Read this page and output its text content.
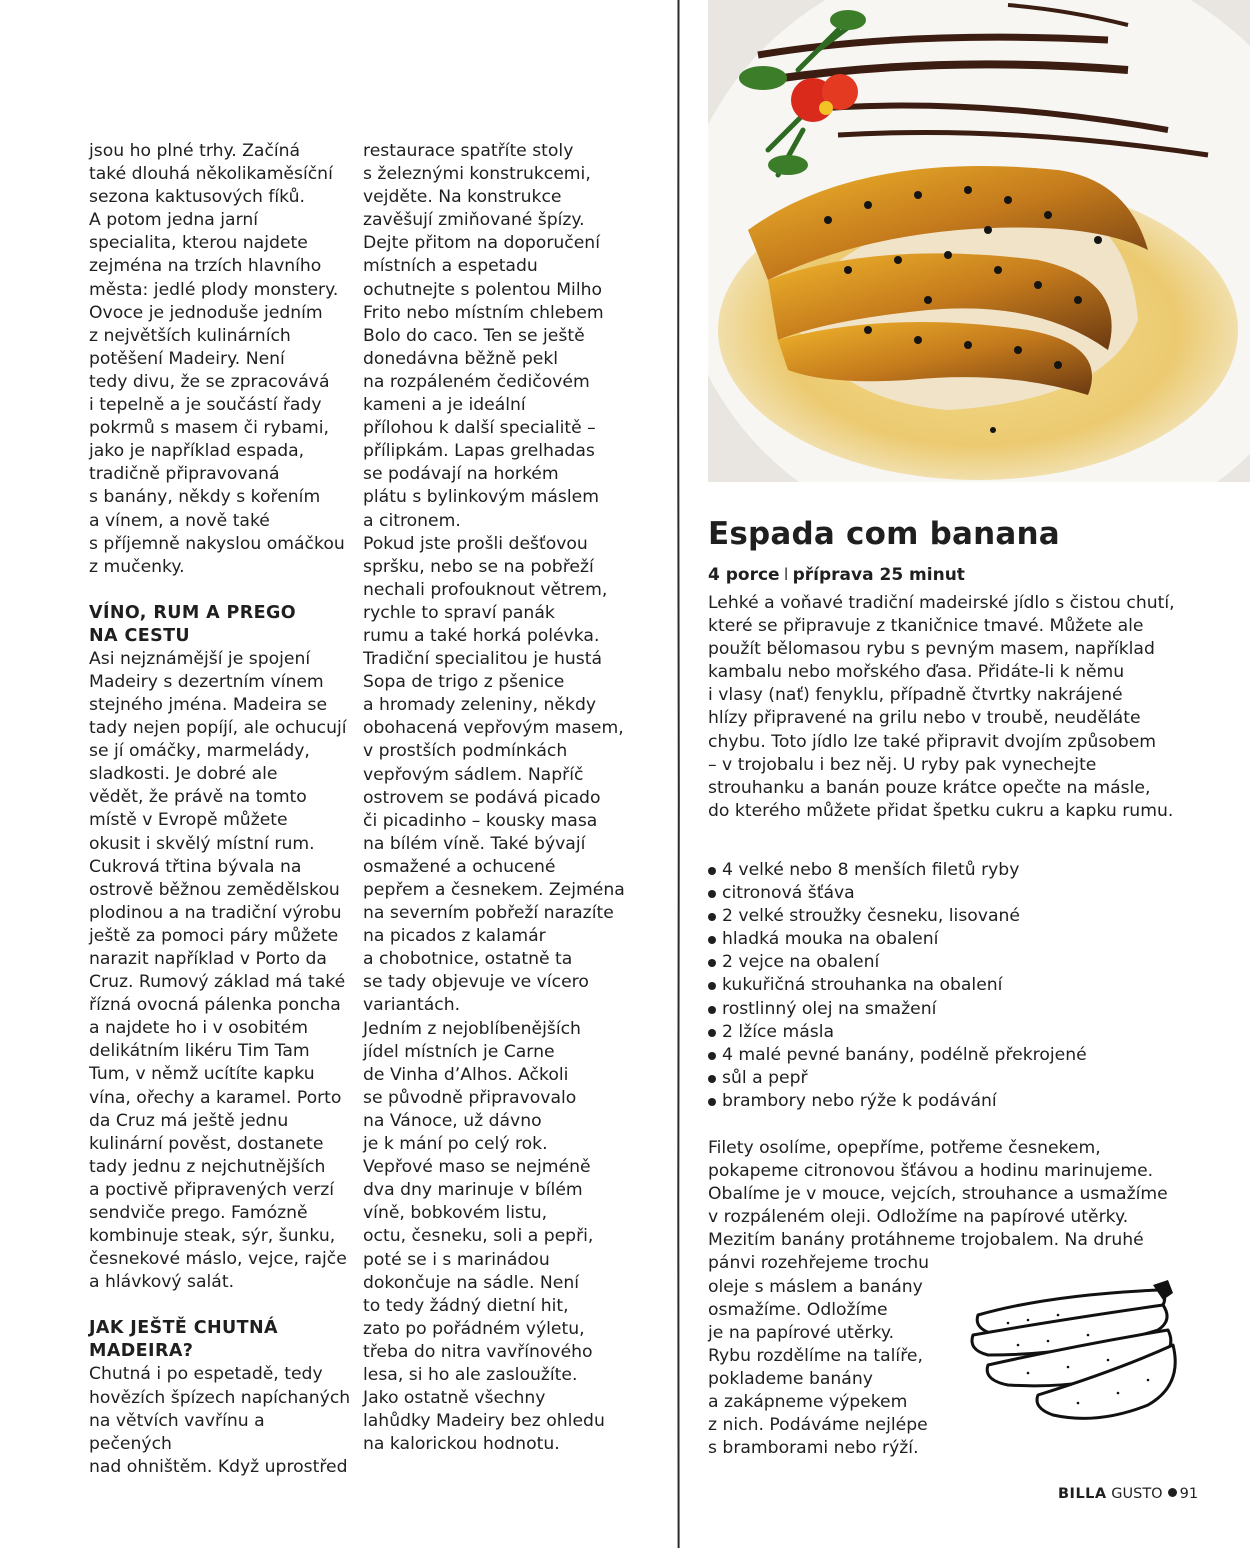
jsou ho plné trhy. Začíná
také dlouhá několikaměsíční
sezona kaktusových fíků.
A potom jedna jarní
specialita, kterou najdete
zejména na trzích hlavního
města: jedlé plody monstery.
Ovoce je jednoduše jedním
z největších kulinárních
potěšení Madeiry. Není
tedy divu, že se zpracovává
i tepelně a je součástí řady
pokrmů s masem či rybami,
jako je například espada,
tradičně připravovaná
s banány, někdy s kořením
a vínem, a nově také
s příjemně nakyslou omáčkou
z mučenky.

VÍNO, RUM A PREGO
NA CESTU

Asi nejznámější je spojení
Madeiry s dezertním vínem
stejného jména. Madeira se
tady nejen popíjí, ale ochucují
se jí omáčky, marmelády,
sladkosti. Je dobré ale
vědět, že právě na tomto
místě v Evropě můžete
okusit i skvělý místní rum.
Cukrová třtina bývala na
ostrově běžnou zemědělskou
plodinou a na tradiční výrobu
ještě za pomoci páry můžete
narazit například v Porto da
Cruz. Rumový základ má také
řízná ovocná pálenka poncha
a najdete ho i v osobitém
delikátním likéru Tim Tam
Tum, v němž ucítíte kapku
vína, ořechy a karamel. Porto
da Cruz má ještě jednu
kulinární pověst, dostanete
tady jednu z nejchutnějších
a poctivě připravených verzí
sendviče prego. Famózně
kombinuje steak, sýr, šunku,
česnekové máslo, vejce, rajče
a hlávkový salát.

JAK JEŠTĚ CHUTNÁ
MADEIRA?

Chutná i po espetadě, tedy
hovězích špízech napíchaných
na větvích vavřínu a pečených
nad ohništěm. Když uprostřed

restaurace spatříte stoly
s železnými konstrukcemi,
vejděte. Na konstrukce
zavěšují zmiňované špízy.
Dejte přitom na doporučení
místních a espetadu
ochutnejte s polentou Milho
Frito nebo místním chlebem
Bolo do caco. Ten se ještě
donedávna běžně pekl
na rozpáleném čedičovém
kameni a je ideální
přílohou k další specialitě –
přílipkám. Lapas grelhadas
se podávají na horkém
plátu s bylinkovým máslem
a citronem.

Pokud jste prošli dešťovou
spršku, nebo se na pobřeží
nechali profouknout větrem,
rychle to spraví panák
rumu a také horká polévka.
Tradiční specialitou je hustá
Sopa de trigo z pšenice
a hromady zeleniny, někdy
obohacená vepřovým masem,
v prostších podmínkách
vepřovým sádlem. Napříč
ostrovem se podává picado
či picadinho – kousky masa
na bílém víně. Také bývají
osmažené a ochucené
pepřem a česnekem. Zejména
na severním pobřeží narazíte
na picados z kalamár
a chobotnice, ostatně ta
se tady objevuje ve vícero
variantách.

Jedním z nejoblíbenějších
jídel místních je Carne
de Vinha d’Alhos. Ačkoli
se původně připravovalo
na Vánoce, už dávno
je k mání po celý rok.
Vepřové maso se nejméně
dva dny marinuje v bílém
víně, bobkovém listu,
octu, česneku, soli a pepři,
poté se i s marinádou
dokončuje na sádle. Není
to tedy žádný dietní hit,
zato po pořádném výletu,
třeba do nitra vavřínového
lesa, si ho ale zasloužíte.
Jako ostatně všechny
lahůdky Madeiry bez ohledu
na kalorickou hodnotu.

Espada com banana

4 porce I příprava 25 minut

Lehké a voňavé tradiční madeirské jídlo s čistou chutí,
které se připravuje z tkaničnice tmavé. Můžete ale
použít bělomasou rybu s pevným masem, například
kambalu nebo mořského ďasa. Přidáte-li k němu
i vlasy (nať) fenyklu, případně čtvrtky nakrájené
hlízy připravené na grilu nebo v troubě, neuděláte
chybu. Toto jídlo lze také připravit dvojím způsobem
– v trojobalu i bez něj. U ryby pak vynechejte
strouhanku a banán pouze krátce opečte na másle,
do kterého můžete přidat špetku cukru a kapku rumu.

4 velké nebo 8 menších filetů ryby
citronová šťáva
2 velké stroužky česneku, lisované
hladká mouka na obalení
2 vejce na obalení
kukuřičná strouhanka na obalení
rostlinný olej na smažení
2 lžíce másla
4 malé pevné banány, podélně překrojené
sůl a pepř
brambory nebo rýže k podávání

Filety osolíme, opepříme, potřeme česnekem,
pokapeme citronovou šťávou a hodinu marinujeme.
Obalíme je v mouce, vejcích, strouhance a usmažíme
v rozpáleném oleji. Odložíme na papírové utěrky.
Mezitím banány protáhneme trojobalem. Na druhé
pánvi rozehřejeme trochu
oleje s máslem a banány
osmažíme. Odložíme
je na papírové utěrky.
Rybu rozdělíme na talíře,
poklademe banány
a zakápneme výpekem
z nich. Podáváme nejlépe
s bramborami nebo rýží.

BILLA GUSTO 91
